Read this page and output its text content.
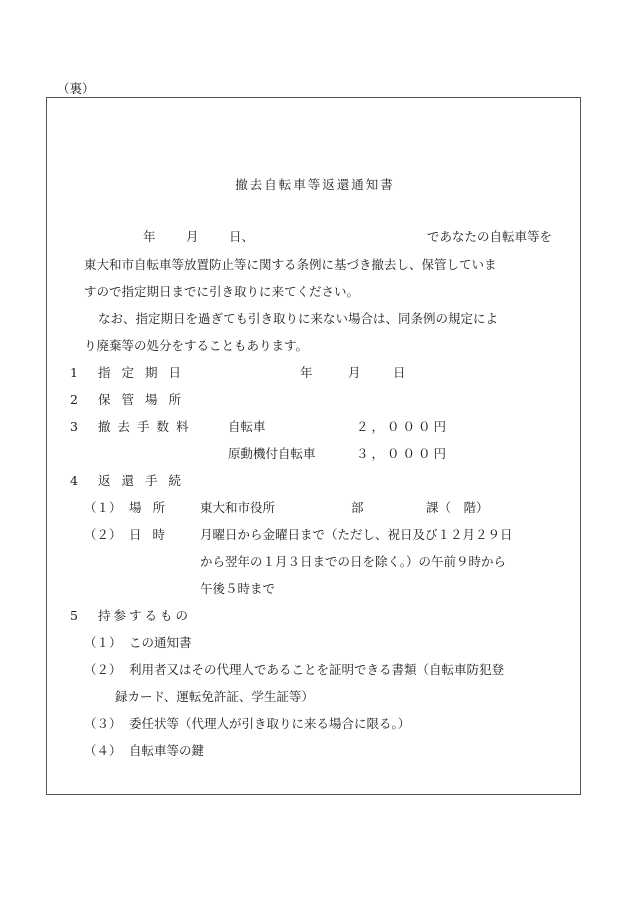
（裏）
撤去自転車等返還通知書
年 月 日、	であなたの自転車等を
東大和市自転車等放置防止等に関する条例に基づき撤去し、保管していま
すので指定期日までに引き取りに来てください。
なお、指定期日を過ぎても引き取りに来ない場合は、同条例の規定によ
り廃棄等の処分をすることもあります。
1 指定期日	年	月	日
2 保管場所
3 撤去手数料	自転車	２，０００円
原動機付自転車	３，０００円
4 返還手続
（１） 場所 東大和市役所	部	課（　階）
（２） 日時 月曜日から金曜日まで（ただし、祝日及び１２月２９日
から翌年の１月３日までの日を除く。）の午前９時から
午後５時まで
5 持参するもの
（１） この通知書
（２） 利用者又はその代理人であることを証明できる書類（自転車防犯登
録カード、運転免許証、学生証等）
（３） 委任状等（代理人が引き取りに来る場合に限る。）
（４） 自転車等の鍵
